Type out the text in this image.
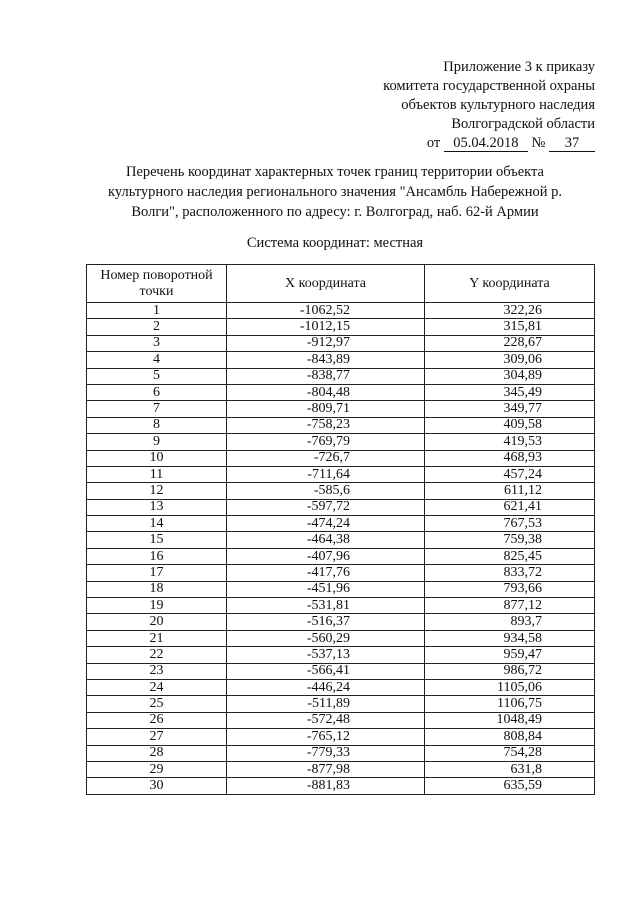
Приложение 3 к приказу
комитета государственной охраны
объектов культурного наследия
Волгоградской области
от 05.04.2018 № 37
Перечень координат характерных точек границ территории объекта
культурного наследия регионального значения "Ансамбль Набережной р.
Волги", расположенного по адресу: г. Волгоград, наб. 62-й Армии
Система координат: местная
Номер поворотной
точки	X координата	Y координата
1	-1062,52	322,26
2	-1012,15	315,81
3	-912,97	228,67
4	-843,89	309,06
5	-838,77	304,89
6	-804,48	345,49
7	-809,71	349,77
8	-758,23	409,58
9	-769,79	419,53
10	-726,7	468,93
11	-711,64	457,24
12	-585,6	611,12
13	-597,72	621,41
14	-474,24	767,53
15	-464,38	759,38
16	-407,96	825,45
17	-417,76	833,72
18	-451,96	793,66
19	-531,81	877,12
20	-516,37	893,7
21	-560,29	934,58
22	-537,13	959,47
23	-566,41	986,72
24	-446,24	1105,06
25	-511,89	1106,75
26	-572,48	1048,49
27	-765,12	808,84
28	-779,33	754,28
29	-877,98	631,8
30	-881,83	635,59
